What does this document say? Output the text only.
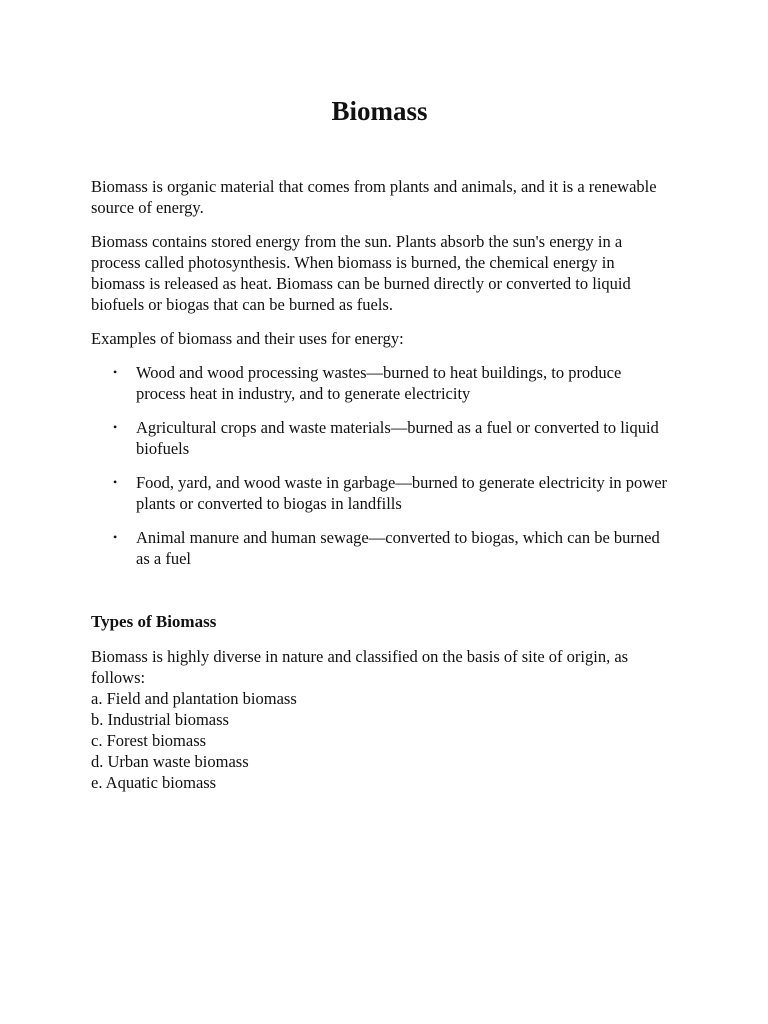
Biomass

Biomass is organic material that comes from plants and animals, and it is a renewable source of energy.

Biomass contains stored energy from the sun. Plants absorb the sun's energy in a process called photosynthesis. When biomass is burned, the chemical energy in biomass is released as heat. Biomass can be burned directly or converted to liquid biofuels or biogas that can be burned as fuels.

Examples of biomass and their uses for energy:

• Wood and wood processing wastes—burned to heat buildings, to produce process heat in industry, and to generate electricity
• Agricultural crops and waste materials—burned as a fuel or converted to liquid biofuels
• Food, yard, and wood waste in garbage—burned to generate electricity in power plants or converted to biogas in landfills
• Animal manure and human sewage—converted to biogas, which can be burned as a fuel
Types of Biomass

Biomass is highly diverse in nature and classified on the basis of site of origin, as follows:

a. Field and plantation biomass
b. Industrial biomass
c. Forest biomass
d. Urban waste biomass
e. Aquatic biomass
